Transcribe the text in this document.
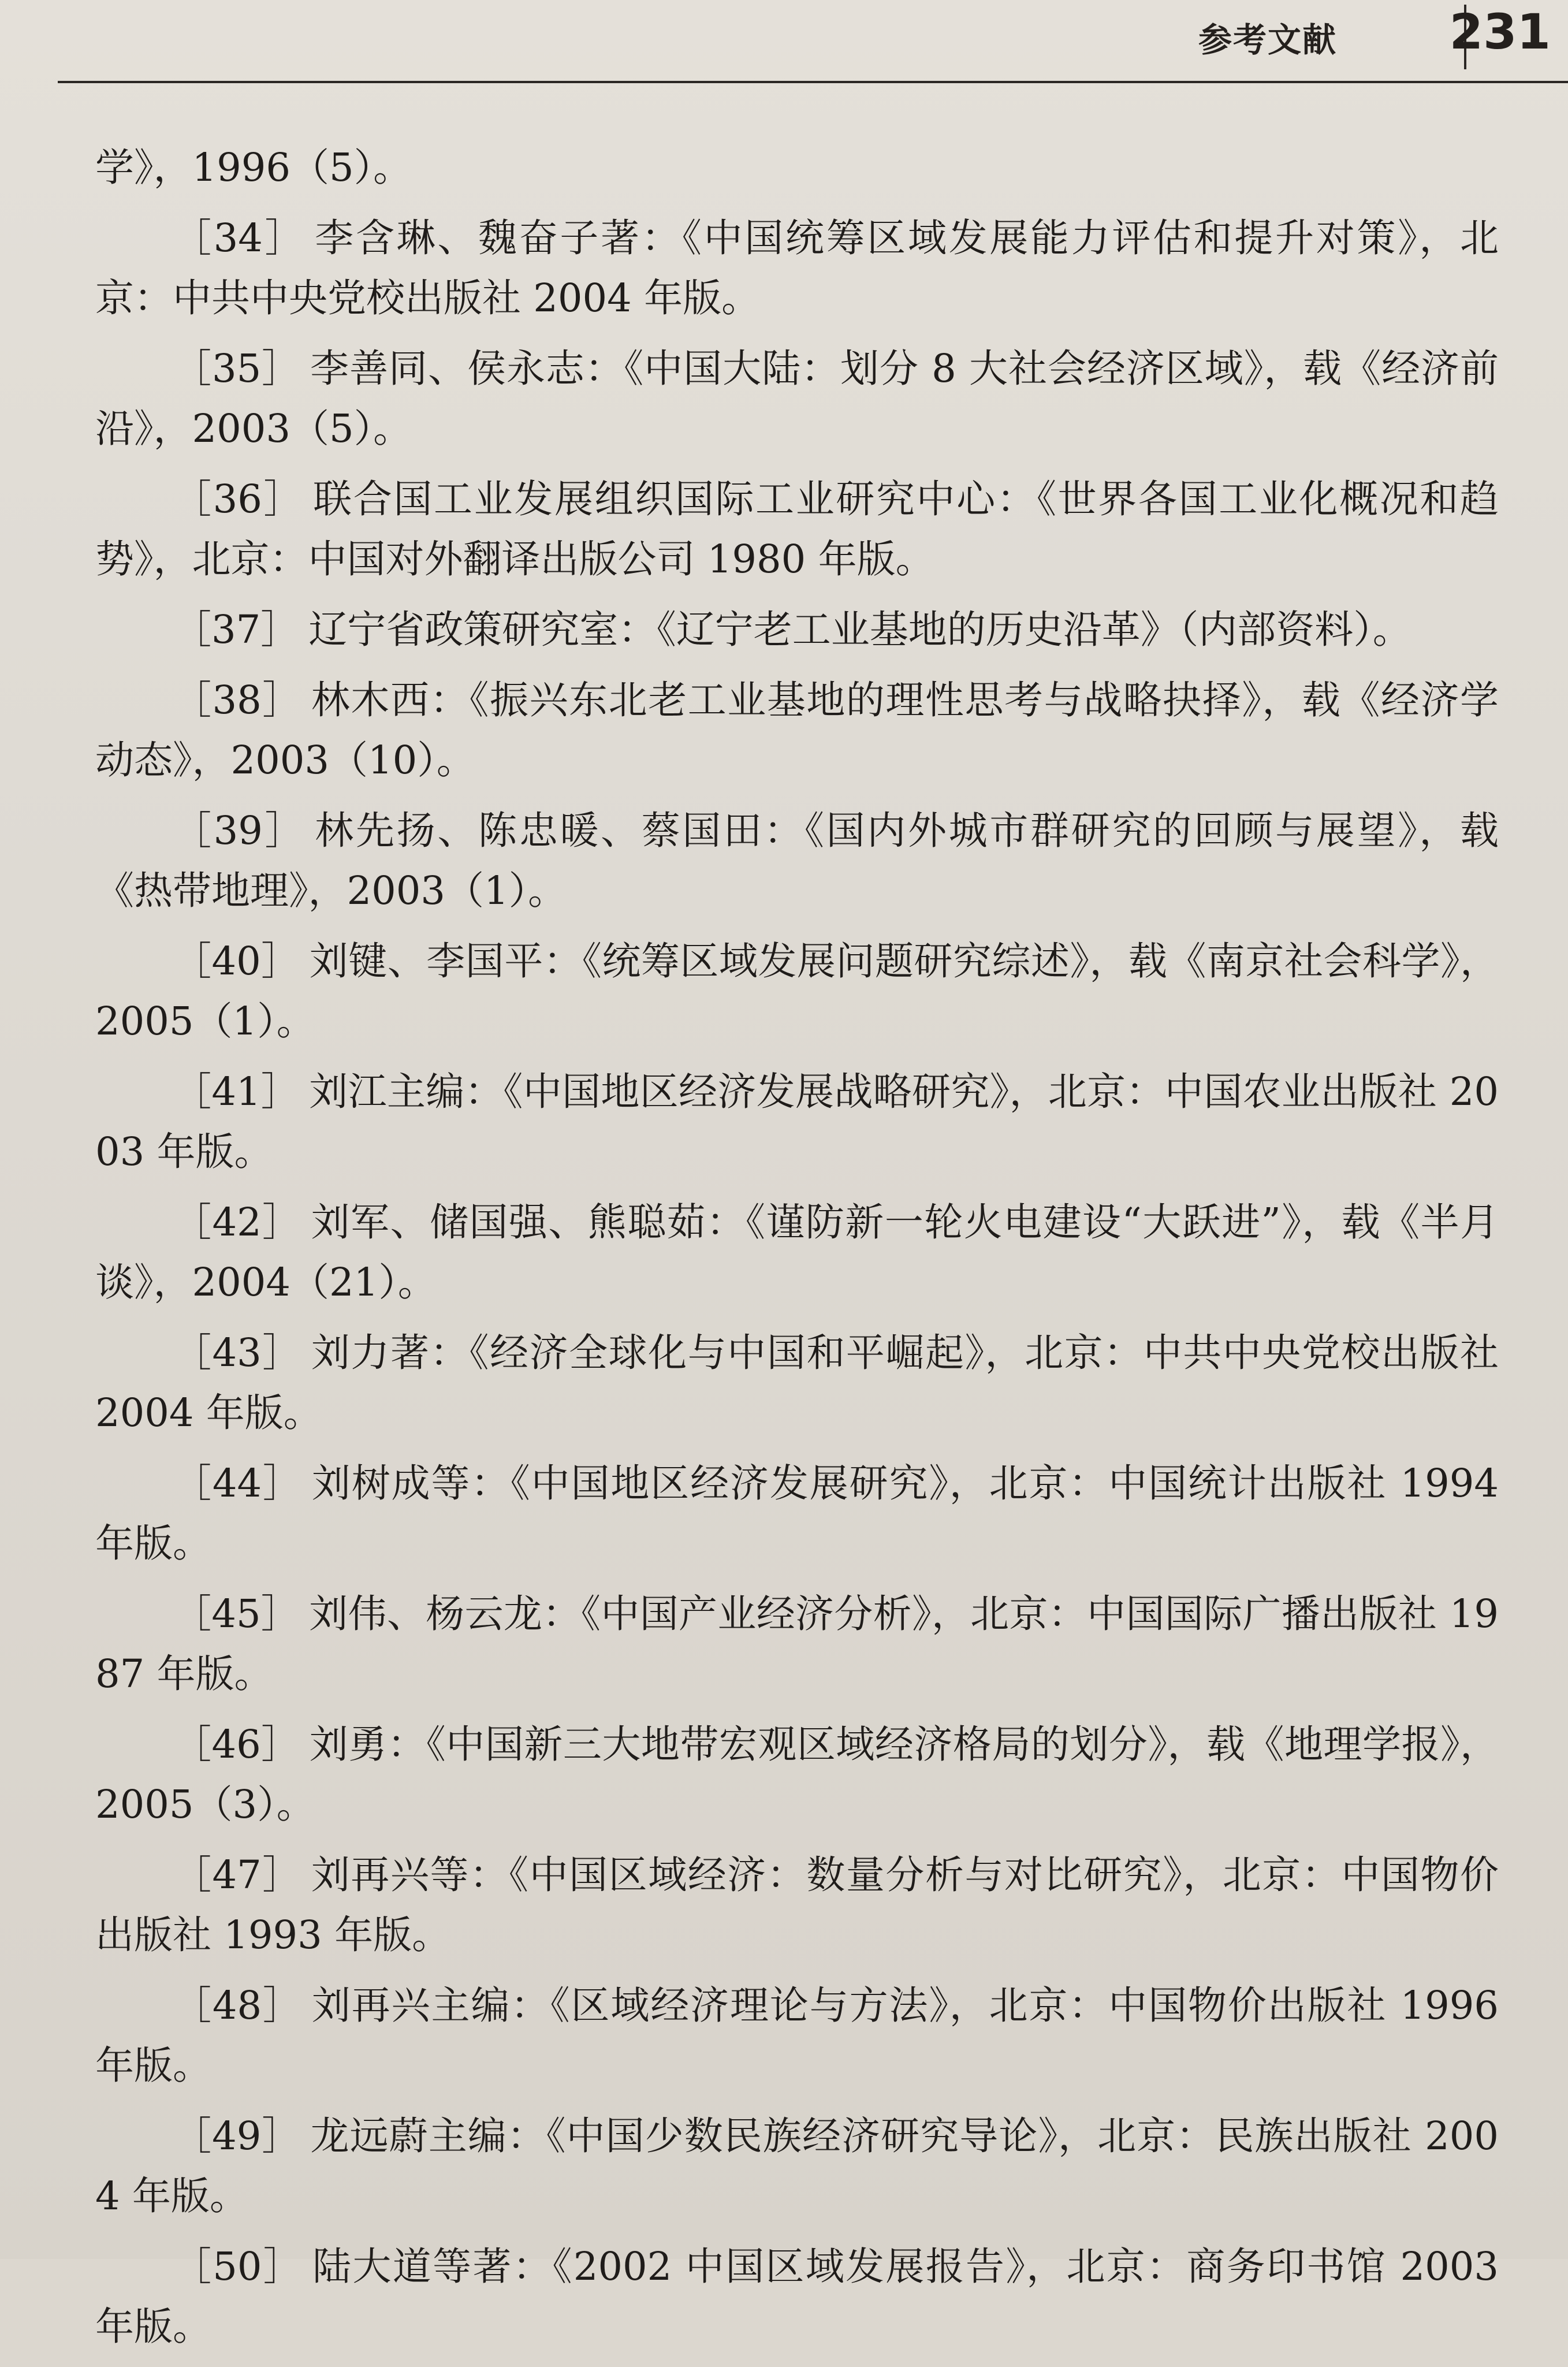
参考文献 231

学》，1996（5）。

［34］ 李含琳、魏奋子著：《中国统筹区域发展能力评估和提升对策》，北京：中共中央党校出版社 2004 年版。

［35］ 李善同、侯永志：《中国大陆：划分 8 大社会经济区域》，载《经济前沿》，2003（5）。

［36］ 联合国工业发展组织国际工业研究中心：《世界各国工业化概况和趋势》，北京：中国对外翻译出版公司 1980 年版。

［37］ 辽宁省政策研究室：《辽宁老工业基地的历史沿革》（内部资料）。

［38］ 林木西：《振兴东北老工业基地的理性思考与战略抉择》，载《经济学动态》，2003（10）。

［39］ 林先扬、陈忠暖、蔡国田：《国内外城市群研究的回顾与展望》，载《热带地理》，2003（1）。

［40］ 刘键、李国平：《统筹区域发展问题研究综述》，载《南京社会科学》，2005（1）。

［41］ 刘江主编：《中国地区经济发展战略研究》，北京：中国农业出版社 2003 年版。

［42］ 刘军、储国强、熊聪茹：《谨防新一轮火电建设“大跃进”》，载《半月谈》，2004（21）。

［43］ 刘力著：《经济全球化与中国和平崛起》，北京：中共中央党校出版社 2004 年版。

［44］ 刘树成等：《中国地区经济发展研究》，北京：中国统计出版社 1994 年版。

［45］ 刘伟、杨云龙：《中国产业经济分析》，北京：中国国际广播出版社 1987 年版。

［46］ 刘勇：《中国新三大地带宏观区域经济格局的划分》，载《地理学报》，2005（3）。

［47］ 刘再兴等：《中国区域经济：数量分析与对比研究》，北京：中国物价出版社 1993 年版。

［48］ 刘再兴主编：《区域经济理论与方法》，北京：中国物价出版社 1996 年版。

［49］ 龙远蔚主编：《中国少数民族经济研究导论》，北京：民族出版社 2004 年版。

［50］ 陆大道等著：《2002 中国区域发展报告》，北京：商务印书馆 2003 年版。
